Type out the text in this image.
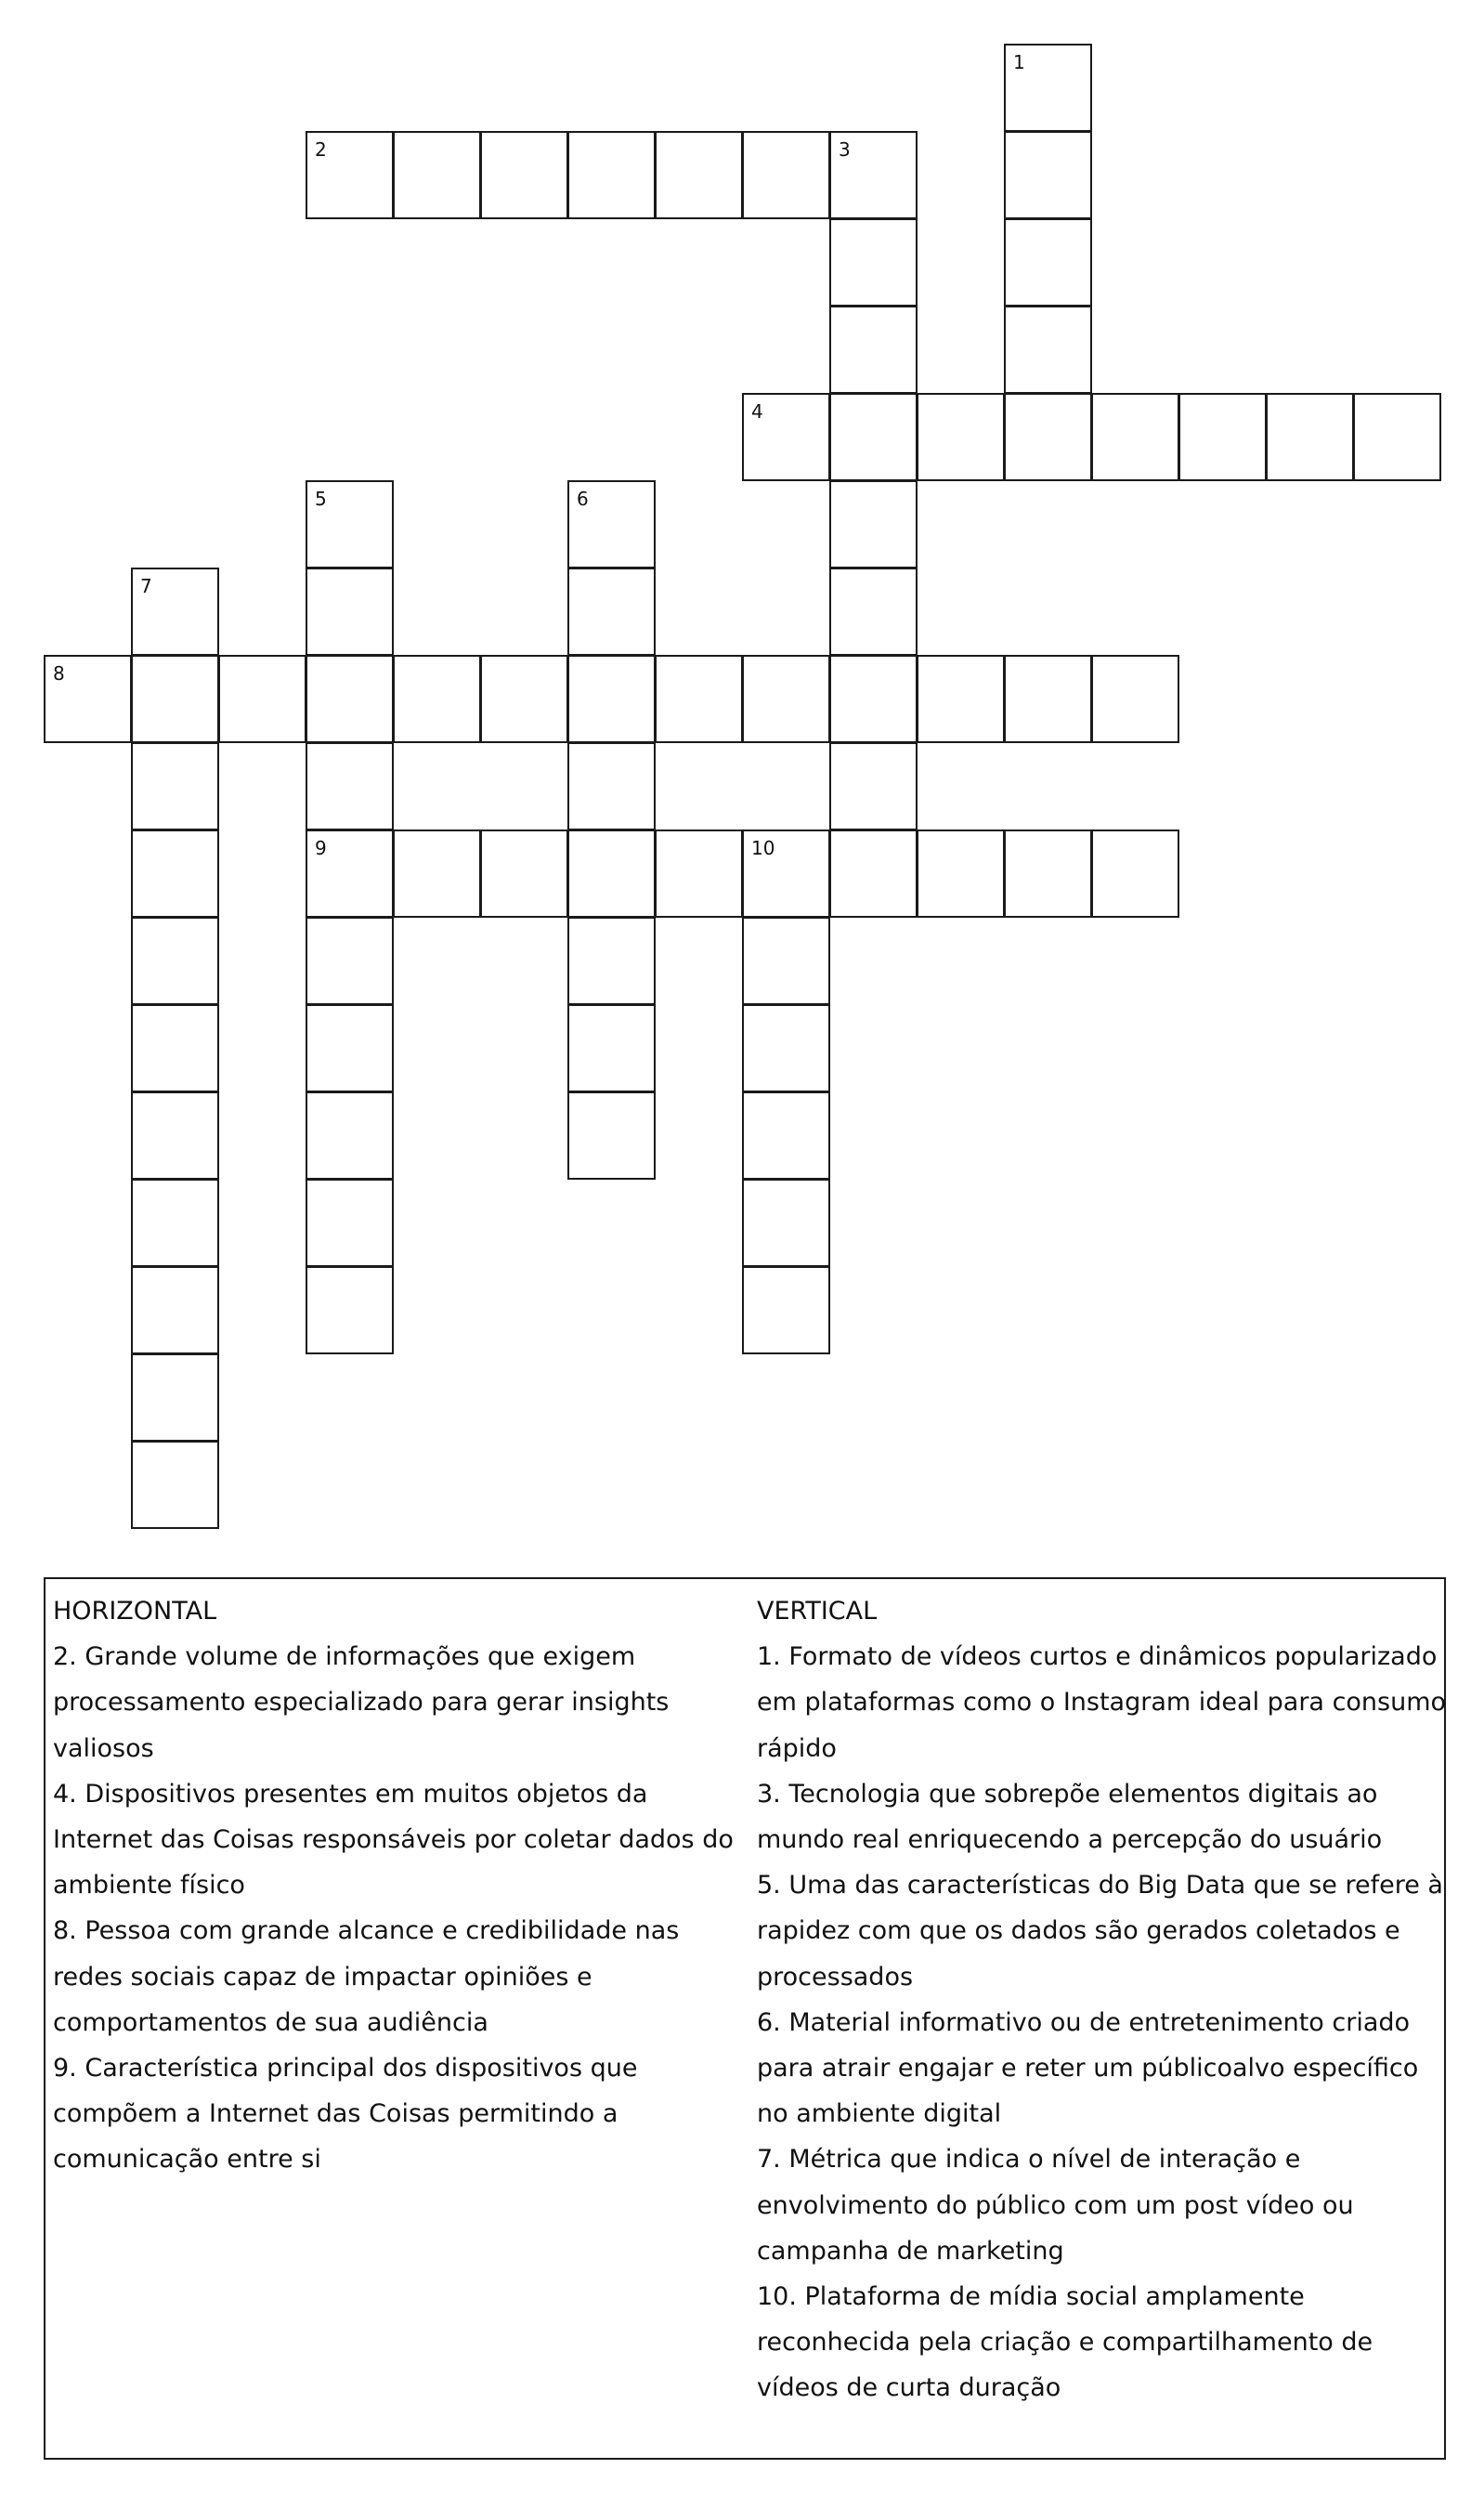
1
2	3
4
5
9
6
7
8
10
HORIZONTAL
2. Grande volume de informações que exigem
processamento especializado para gerar insights
valiosos
4. Dispositivos presentes em muitos objetos da
Internet das Coisas responsáveis por coletar dados do
ambiente físico
8. Pessoa com grande alcance e credibilidade nas
redes sociais capaz de impactar opiniões e
comportamentos de sua audiência
9. Característica principal dos dispositivos que
compõem a Internet das Coisas permitindo a
comunicação entre si
VERTICAL
1. Formato de vídeos curtos e dinâmicos popularizado
em plataformas como o Instagram ideal para consumo
rápido
3. Tecnologia que sobrepõe elementos digitais ao
mundo real enriquecendo a percepção do usuário
5. Uma das características do Big Data que se refere à
rapidez com que os dados são gerados coletados e
processados
6. Material informativo ou de entretenimento criado
para atrair engajar e reter um públicoalvo específico
no ambiente digital
7. Métrica que indica o nível de interação e
envolvimento do público com um post vídeo ou
campanha de marketing
10. Plataforma de mídia social amplamente
reconhecida pela criação e compartilhamento de
vídeos de curta duração
